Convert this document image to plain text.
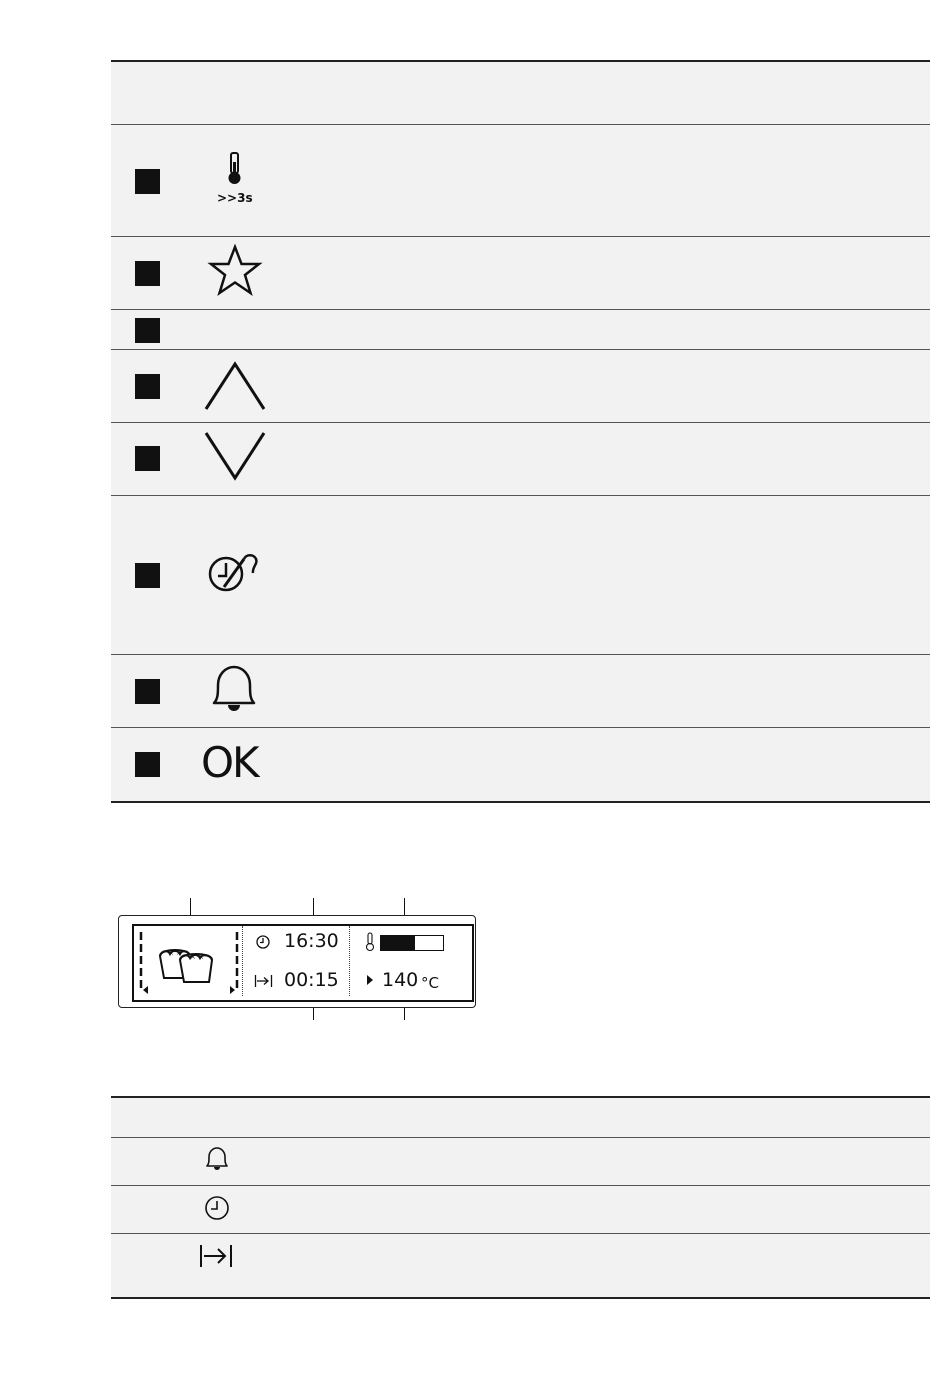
>>3s
OK
× × × ×
16:30
00:15 140 °C
